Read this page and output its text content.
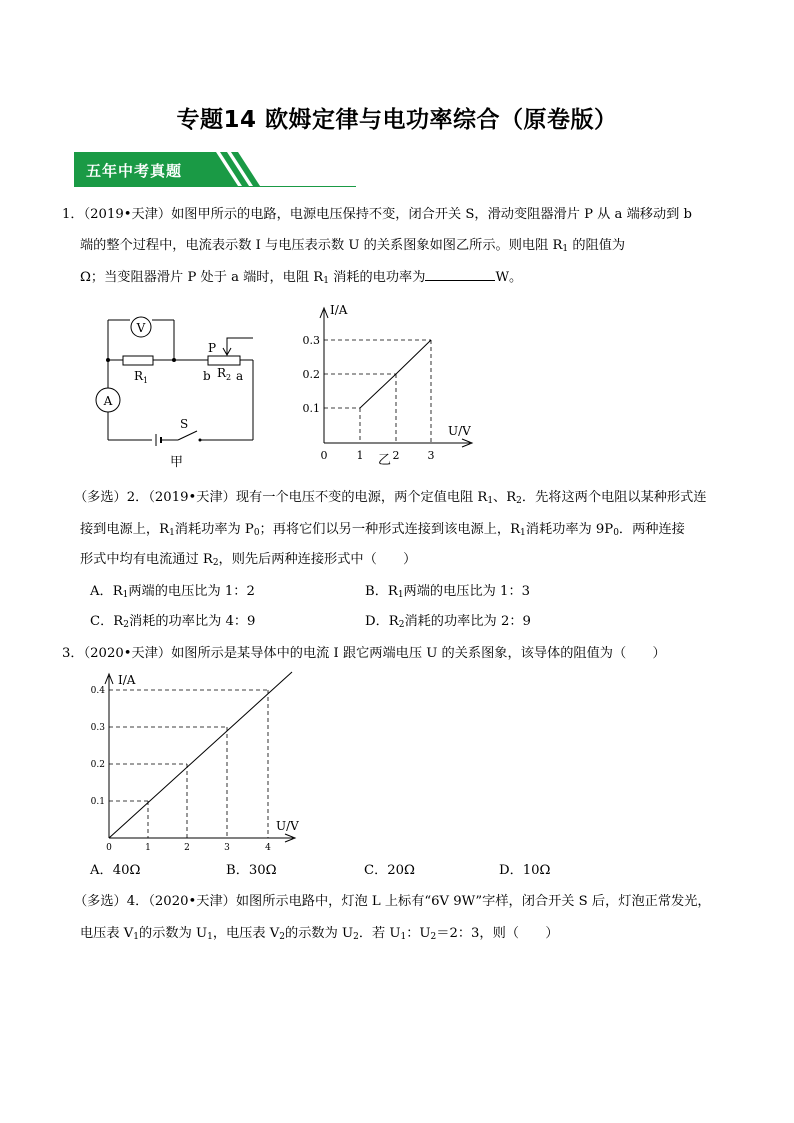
专题14 欧姆定律与电功率综合（原卷版）
五年中考真题
1．（2019•天津）如图甲所示的电路，电源电压保持不变，闭合开关 S，滑动变阻器滑片 P 从 a 端移动到 b
端的整个过程中，电流表示数 I 与电压表示数 U 的关系图象如图乙所示。则电阻 $R_1$ 的阻值为
Ω；当变阻器滑片 P 处于 a 端时，电阻 $R_1$ 消耗的电功率为	W。
V
A
$R_1$
P
b $R_2$ a
S
甲
I/A
U/V
0.3
0.2
0.1
0	1	2	3
乙
（多选）2．（2019•天津）现有一个电压不变的电源，两个定值电阻 $R_1$、$R_2$．先将这两个电阻以某种形式连
接到电源上，$R_1$消耗功率为 $P_0$；再将它们以另一种形式连接到该电源上，$R_1$消耗功率为 $9P_0$．两种连接
形式中均有电流通过 $R_2$，则先后两种连接形式中（　　）
A．$R_1$两端的电压比为 1：2	B．$R_1$两端的电压比为 1：3
C．$R_2$消耗的功率比为 4：9	D．$R_2$消耗的功率比为 2：9
3．（2020•天津）如图所示是某导体中的电流 I 跟它两端电压 U 的关系图象，该导体的阻值为（　　）
I/A
U/V
0.4
0.3
0.2
0.1
0	1	2	3	4
A．40Ω	B．30Ω	C．20Ω	D．10Ω
（多选）4．（2020•天津）如图所示电路中，灯泡 L 上标有“6V 9W”字样，闭合开关 S 后，灯泡正常发光，
电压表 $V_1$的示数为 $U_1$，电压表 $V_2$的示数为 $U_2$．若 $U_1$：$U_2=2$：3，则（　　）
